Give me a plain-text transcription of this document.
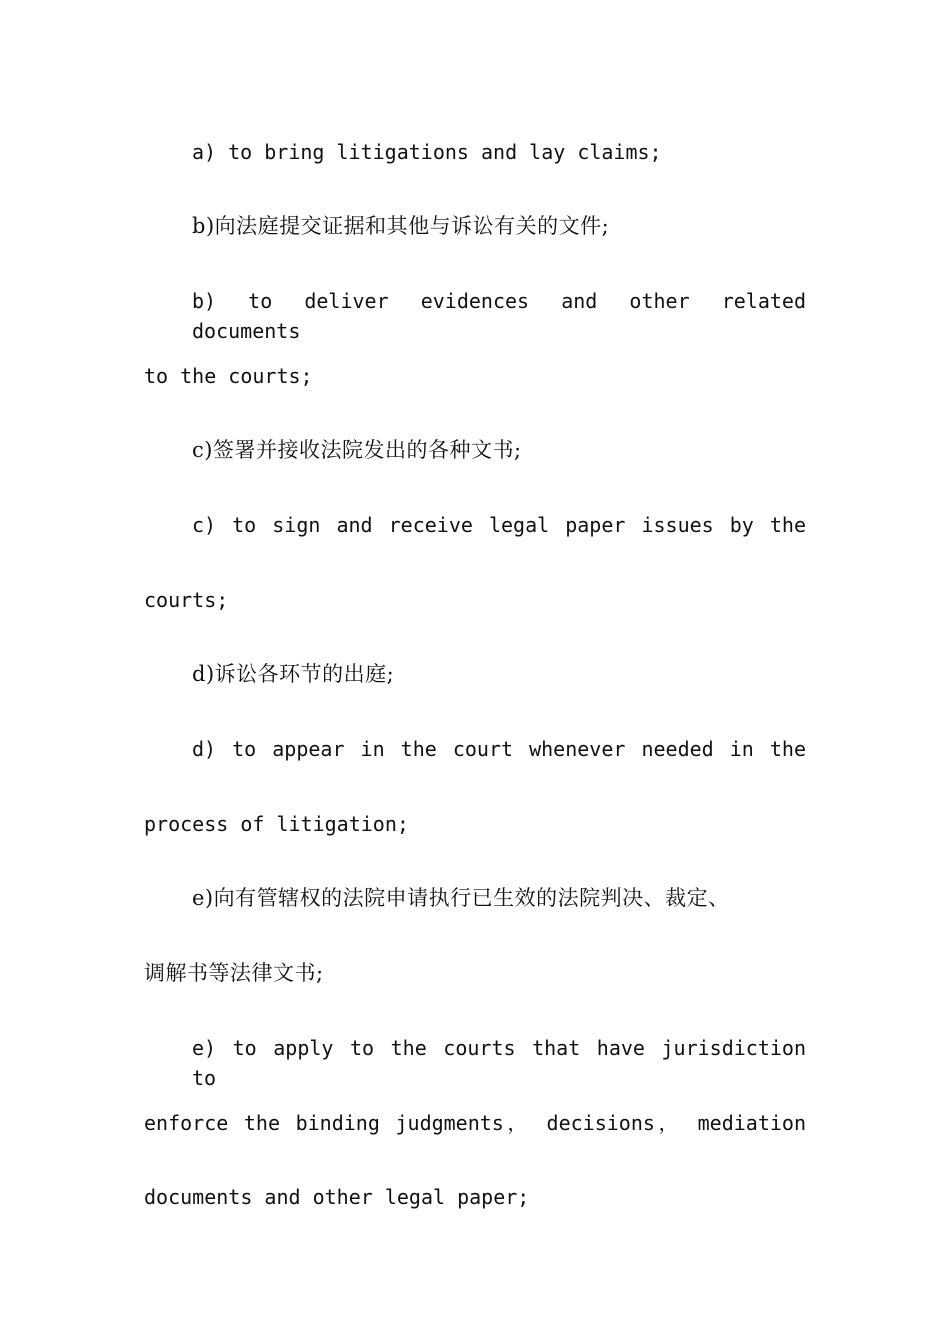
a) to bring litigations and lay claims;
b)向法庭提交证据和其他与诉讼有关的文件;
b) to deliver evidences and other related documents
to the courts;
c)签署并接收法院发出的各种文书;
c) to sign and receive legal paper issues by the
courts;
d)诉讼各环节的出庭;
d) to appear in the court whenever needed in the
process of litigation;
e)向有管辖权的法院申请执行已生效的法院判决、裁定、
调解书等法律文书;
e) to apply to the courts that have jurisdiction to
enforce the binding judgments， decisions， mediation
documents and other legal paper;
